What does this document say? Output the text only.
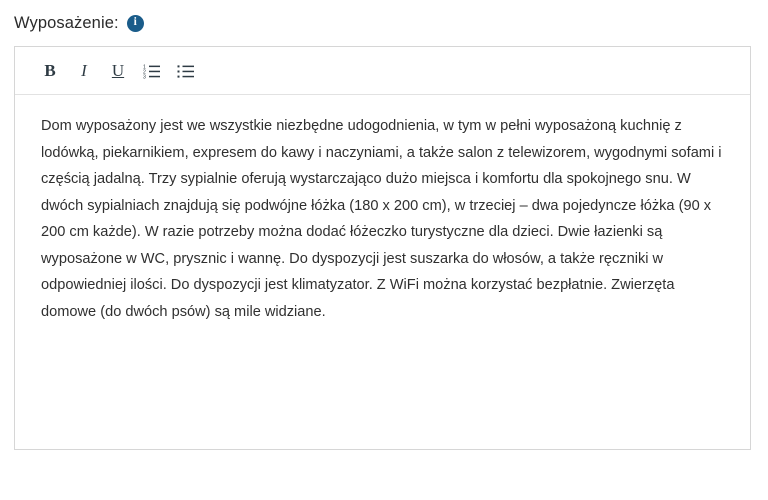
Wyposażenie:	i
B	I	U	1
2
3

Dom wyposażony jest we wszystkie niezbędne udogodnienia, w tym w pełni wyposażoną kuchnię z lodówką, piekarnikiem, expresem do kawy i naczyniami, a także salon z telewizorem, wygodnymi sofami i częścią jadalną. Trzy sypialnie oferują wystarczająco dużo miejsca i komfortu dla spokojnego snu. W dwóch sypialniach znajdują się podwójne łóżka (180 x 200 cm), w trzeciej – dwa pojedyncze łóżka (90 x 200 cm każde). W razie potrzeby można dodać łóżeczko turystyczne dla dzieci. Dwie łazienki są wyposażone w WC, prysznic i wannę. Do dyspozycji jest suszarka do włosów, a także ręczniki w odpowiedniej ilości. Do dyspozycji jest klimatyzator. Z WiFi można korzystać bezpłatnie. Zwierzęta domowe (do dwóch psów) są mile widziane.
